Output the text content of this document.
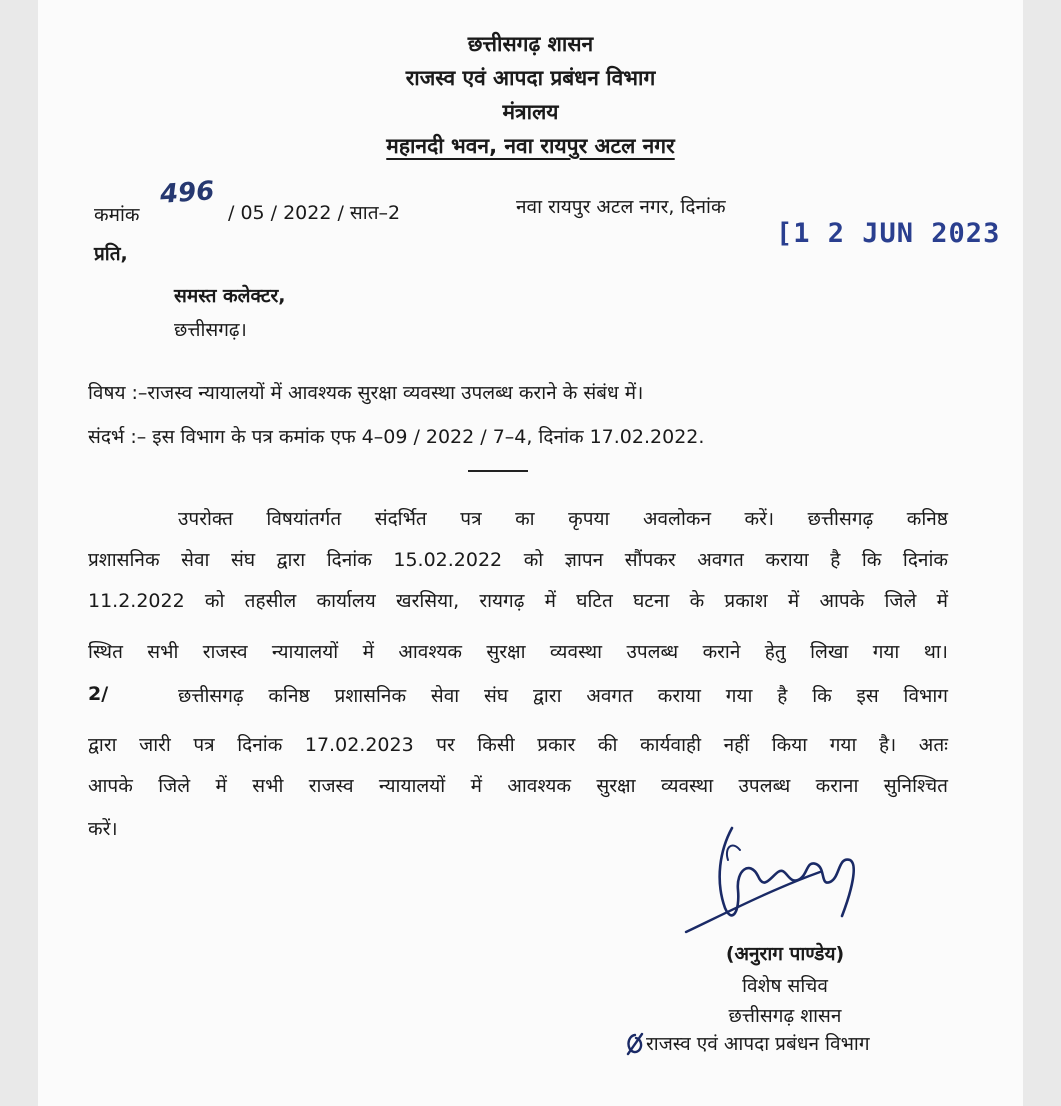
छत्तीसगढ़ शासन
राजस्व एवं आपदा प्रबंधन विभाग
मंत्रालय
महानदी भवन, नवा रायपुर अटल नगर
कमांक
496
/ 05 / 2022 / सात–2	नवा रायपुर अटल नगर, दिनांक
[1 2 JUN 2023
प्रति,
समस्त कलेक्टर,
छत्तीसगढ़।
विषय :–राजस्व न्यायालयों में आवश्यक सुरक्षा व्यवस्था उपलब्ध कराने के संबंध में।
संदर्भ :– इस विभाग के पत्र कमांक एफ 4–09 / 2022 / 7–4, दिनांक 17.02.2022.
उपरोक्त विषयांतर्गत संदर्भित पत्र का कृपया अवलोकन करें। छत्तीसगढ़ कनिष्ठ
प्रशासनिक सेवा संघ द्वारा दिनांक 15.02.2022 को ज्ञापन सौंपकर अवगत कराया है कि दिनांक
11.2.2022 को तहसील कार्यालय खरसिया, रायगढ़ में घटित घटना के प्रकाश में आपके जिले में
स्थित सभी राजस्व न्यायालयों में आवश्यक सुरक्षा व्यवस्था उपलब्ध कराने हेतु लिखा गया था।
2/	छत्तीसगढ़ कनिष्ठ प्रशासनिक सेवा संघ द्वारा अवगत कराया गया है कि इस विभाग
द्वारा जारी पत्र दिनांक 17.02.2023 पर किसी प्रकार की कार्यवाही नहीं किया गया है। अतः
आपके जिले में सभी राजस्व न्यायालयों में आवश्यक सुरक्षा व्यवस्था उपलब्ध कराना सुनिश्चित
करें।
(अनुराग पाण्डेय)
विशेष सचिव
छत्तीसगढ़ शासन
राजस्व एवं आपदा प्रबंधन विभाग
